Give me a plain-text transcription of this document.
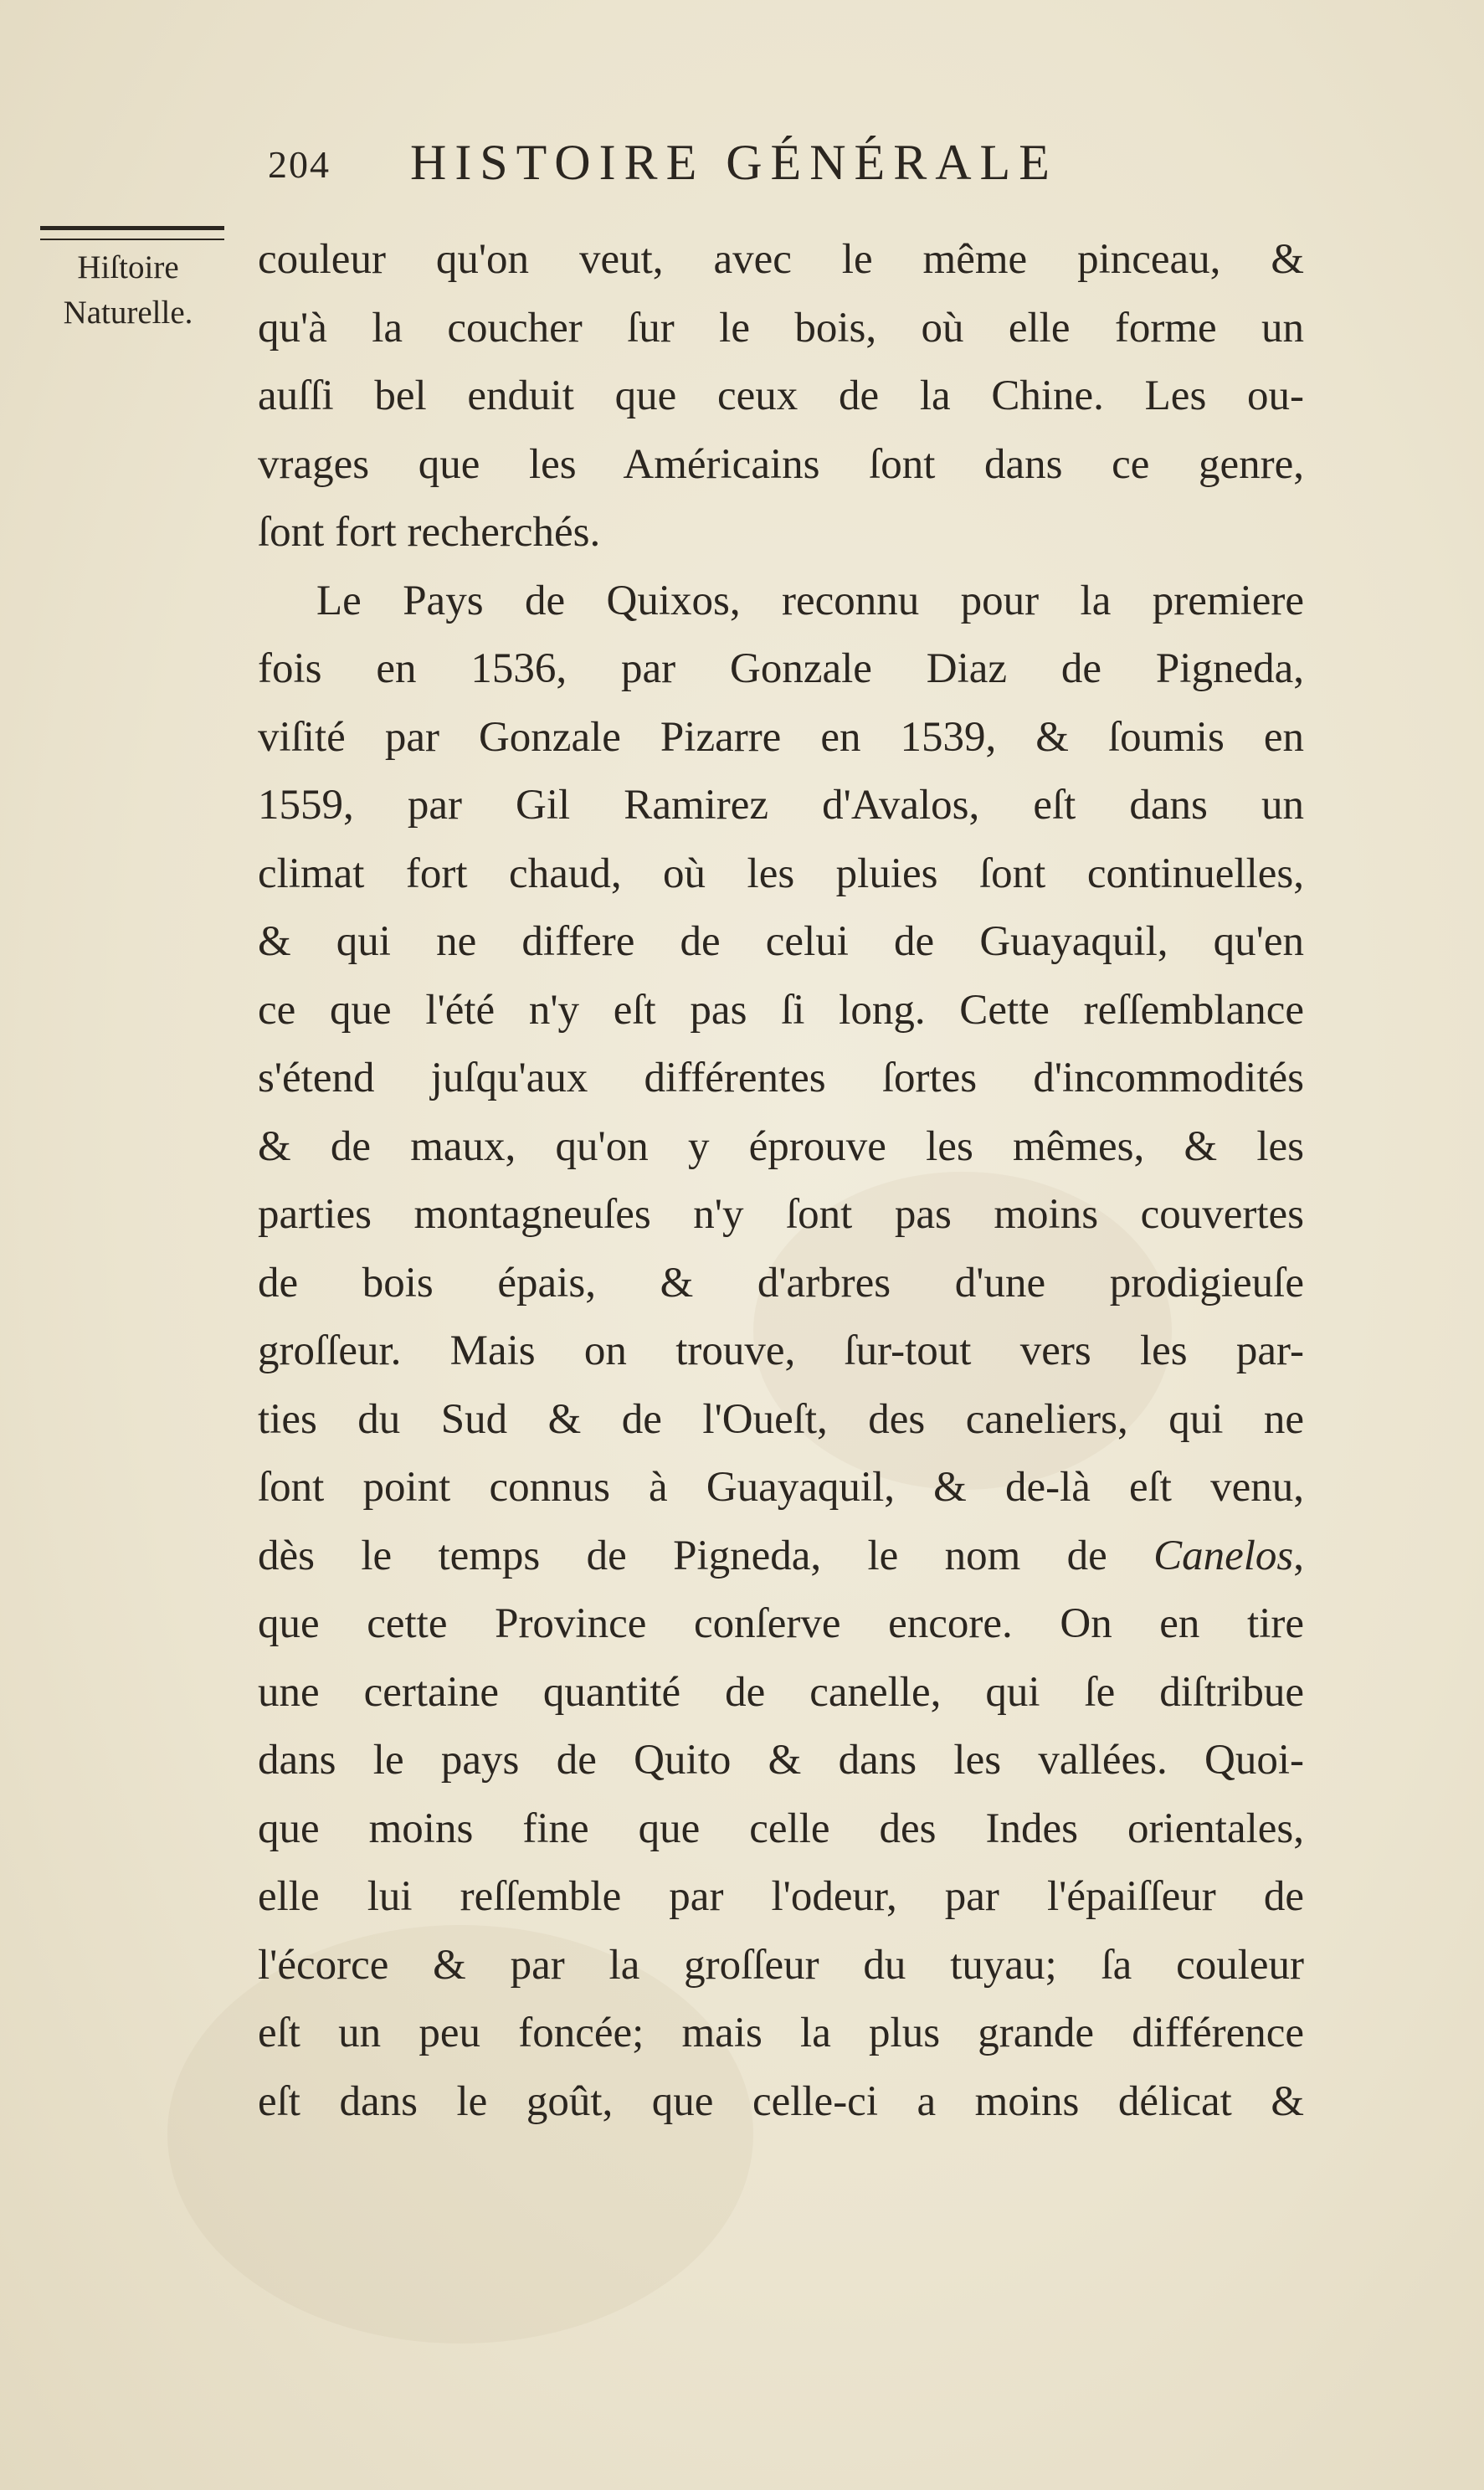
204 HISTOIRE GÉNÉRALE
Hiſtoire
Naturelle.
couleur qu'on veut, avec le même pinceau, &
qu'à la coucher ſur le bois, où elle forme un
auſſi bel enduit que ceux de la Chine. Les ou-
vrages que les Américains ſont dans ce genre,
ſont fort recherchés.
Le Pays de Quixos, reconnu pour la premiere
fois en 1536, par Gonzale Diaz de Pigneda,
viſité par Gonzale Pizarre en 1539, & ſoumis en
1559, par Gil Ramirez d'Avalos, eſt dans un
climat fort chaud, où les pluies ſont continuelles,
& qui ne differe de celui de Guayaquil, qu'en
ce que l'été n'y eſt pas ſi long. Cette reſſemblance
s'étend juſqu'aux différentes ſortes d'incommodités
& de maux, qu'on y éprouve les mêmes, & les
parties montagneuſes n'y ſont pas moins couvertes
de bois épais, & d'arbres d'une prodigieuſe
groſſeur. Mais on trouve, ſur-tout vers les par-
ties du Sud & de l'Oueſt, des caneliers, qui ne
ſont point connus à Guayaquil, & de-là eſt venu,
dès le temps de Pigneda, le nom de Canelos,
que cette Province conſerve encore. On en tire
une certaine quantité de canelle, qui ſe diſtribue
dans le pays de Quito & dans les vallées. Quoi-
que moins fine que celle des Indes orientales,
elle lui reſſemble par l'odeur, par l'épaiſſeur de
l'écorce & par la groſſeur du tuyau; ſa couleur
eſt un peu foncée; mais la plus grande différence
eſt dans le goût, que celle-ci a moins délicat &
